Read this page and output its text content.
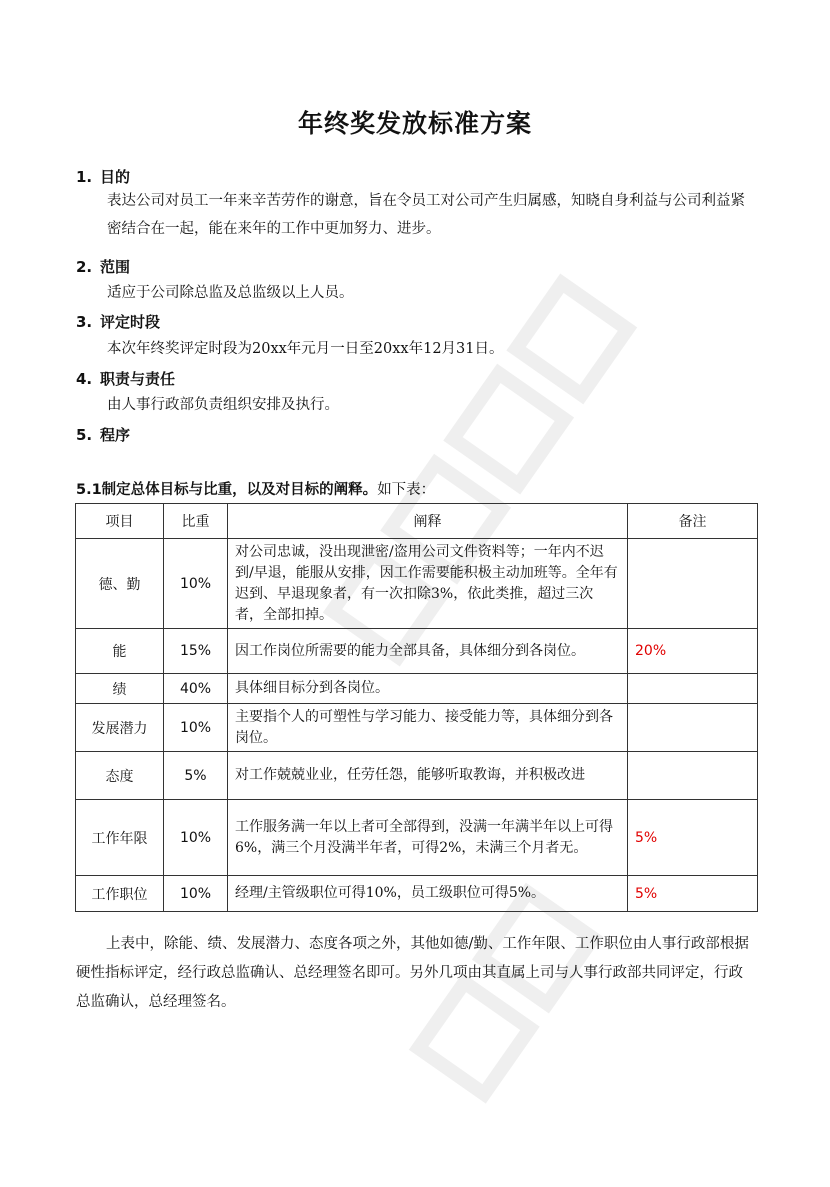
年终奖发放标准方案
1. 目的
表达公司对员工一年来辛苦劳作的谢意，旨在令员工对公司产生归属感，知晓自身利益与公司利益紧密结合在一起，能在来年的工作中更加努力、进步。
2. 范围
适应于公司除总监及总监级以上人员。
3. 评定时段
本次年终奖评定时段为20xx年元月一日至20xx年12月31日。
4. 职责与责任
由人事行政部负责组织安排及执行。
5. 程序
5.1制定总体目标与比重，以及对目标的阐释。如下表：
项目	比重	阐释	备注
德、勤	10%	对公司忠诚，没出现泄密/盗用公司文件资料等；一年内不迟到/早退，能服从安排，因工作需要能积极主动加班等。全年有迟到、早退现象者，有一次扣除3%，依此类推，超过三次者，全部扣掉。	
能	15%	因工作岗位所需要的能力全部具备，具体细分到各岗位。	20%
绩	40%	具体细目标分到各岗位。	
发展潜力	10%	主要指个人的可塑性与学习能力、接受能力等，具体细分到各岗位。	
态度	5%	对工作兢兢业业，任劳任怨，能够听取教诲，并积极改进	
工作年限	10%	工作服务满一年以上者可全部得到，没满一年满半年以上可得6%，满三个月没满半年者，可得2%，未满三个月者无。	5%
工作职位	10%	经理/主管级职位可得10%，员工级职位可得5%。	5%
上表中，除能、绩、发展潜力、态度各项之外，其他如德/勤、工作年限、工作职位由人事行政部根据硬性指标评定，经行政总监确认、总经理签名即可。另外几项由其直属上司与人事行政部共同评定，行政总监确认，总经理签名。
